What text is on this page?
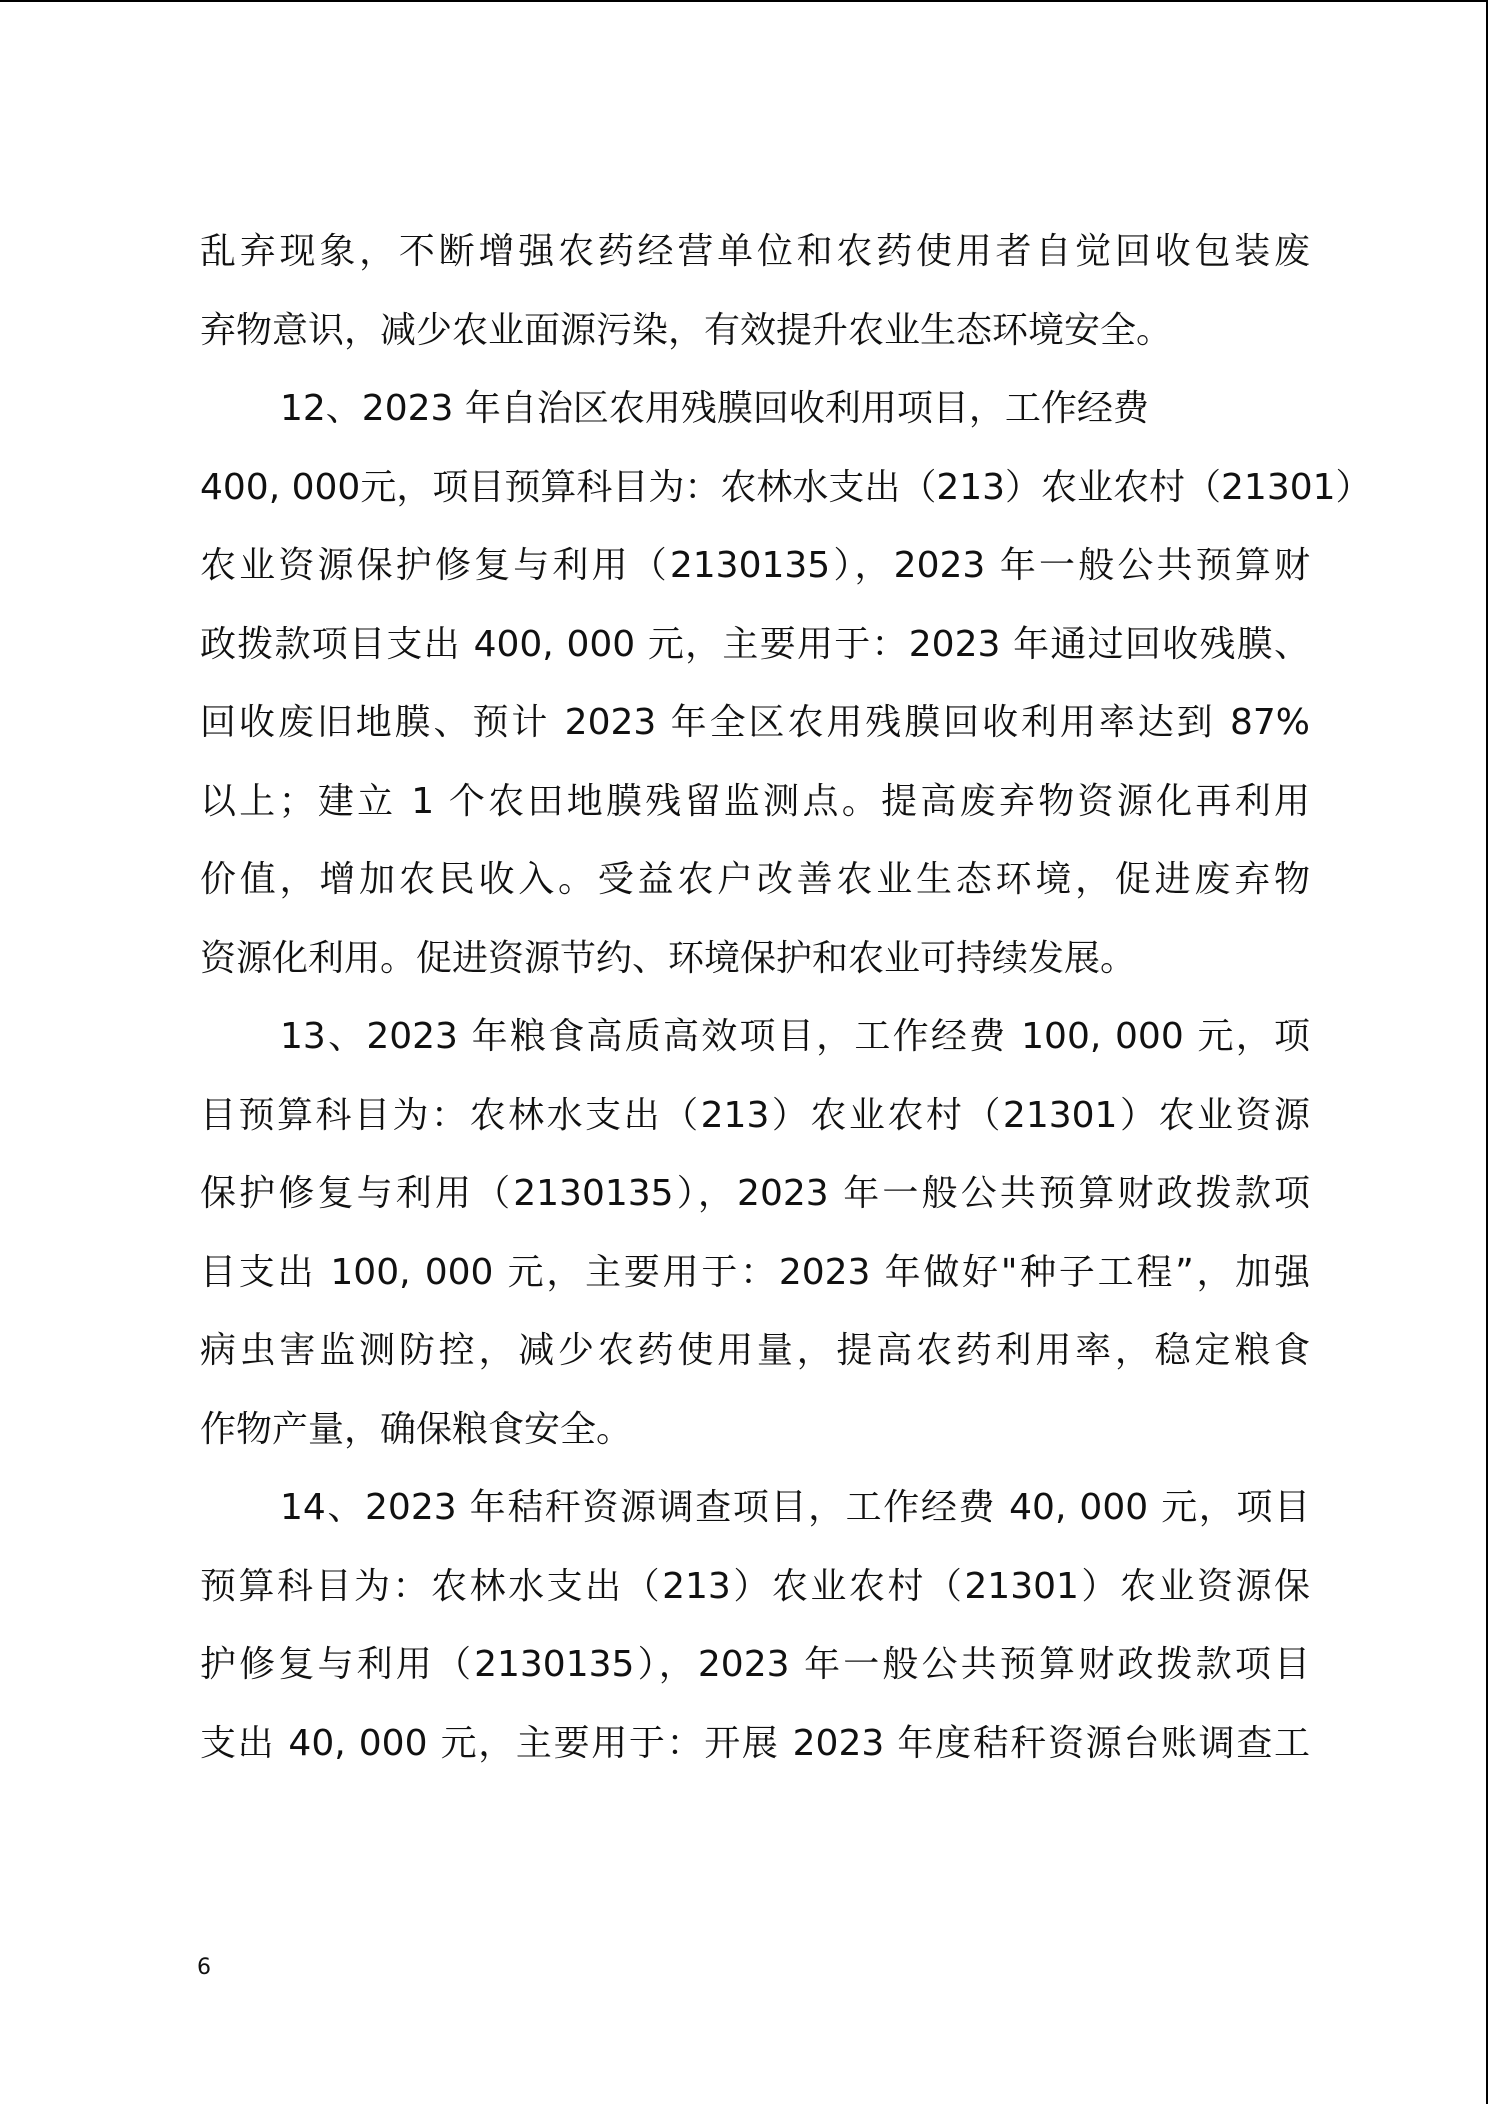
乱弃现象，不断增强农药经营单位和农药使用者自觉回收包装废
弃物意识，减少农业面源污染，有效提升农业生态环境安全。
12、2023 年自治区农用残膜回收利用项目，工作经费
400, 000元，项目预算科目为：农林水支出（213）农业农村（21301）
农业资源保护修复与利用（2130135），2023 年一般公共预算财
政拨款项目支出 400, 000 元，主要用于：2023 年通过回收残膜、
回收废旧地膜、预计 2023 年全区农用残膜回收利用率达到 87%
以上；建立 1 个农田地膜残留监测点。提高废弃物资源化再利用
价值，增加农民收入。受益农户改善农业生态环境，促进废弃物
资源化利用。促进资源节约、环境保护和农业可持续发展。
13、2023 年粮食高质高效项目，工作经费 100, 000 元，项
目预算科目为：农林水支出（213）农业农村（21301）农业资源
保护修复与利用（2130135），2023 年一般公共预算财政拨款项
目支出 100, 000 元，主要用于：2023 年做好"种子工程”，加强
病虫害监测防控，减少农药使用量，提高农药利用率，稳定粮食
作物产量，确保粮食安全。
14、2023 年秸秆资源调查项目，工作经费 40, 000 元，项目
预算科目为：农林水支出（213）农业农村（21301）农业资源保
护修复与利用（2130135），2023 年一般公共预算财政拨款项目
支出 40, 000 元，主要用于：开展 2023 年度秸秆资源台账调查工
6
